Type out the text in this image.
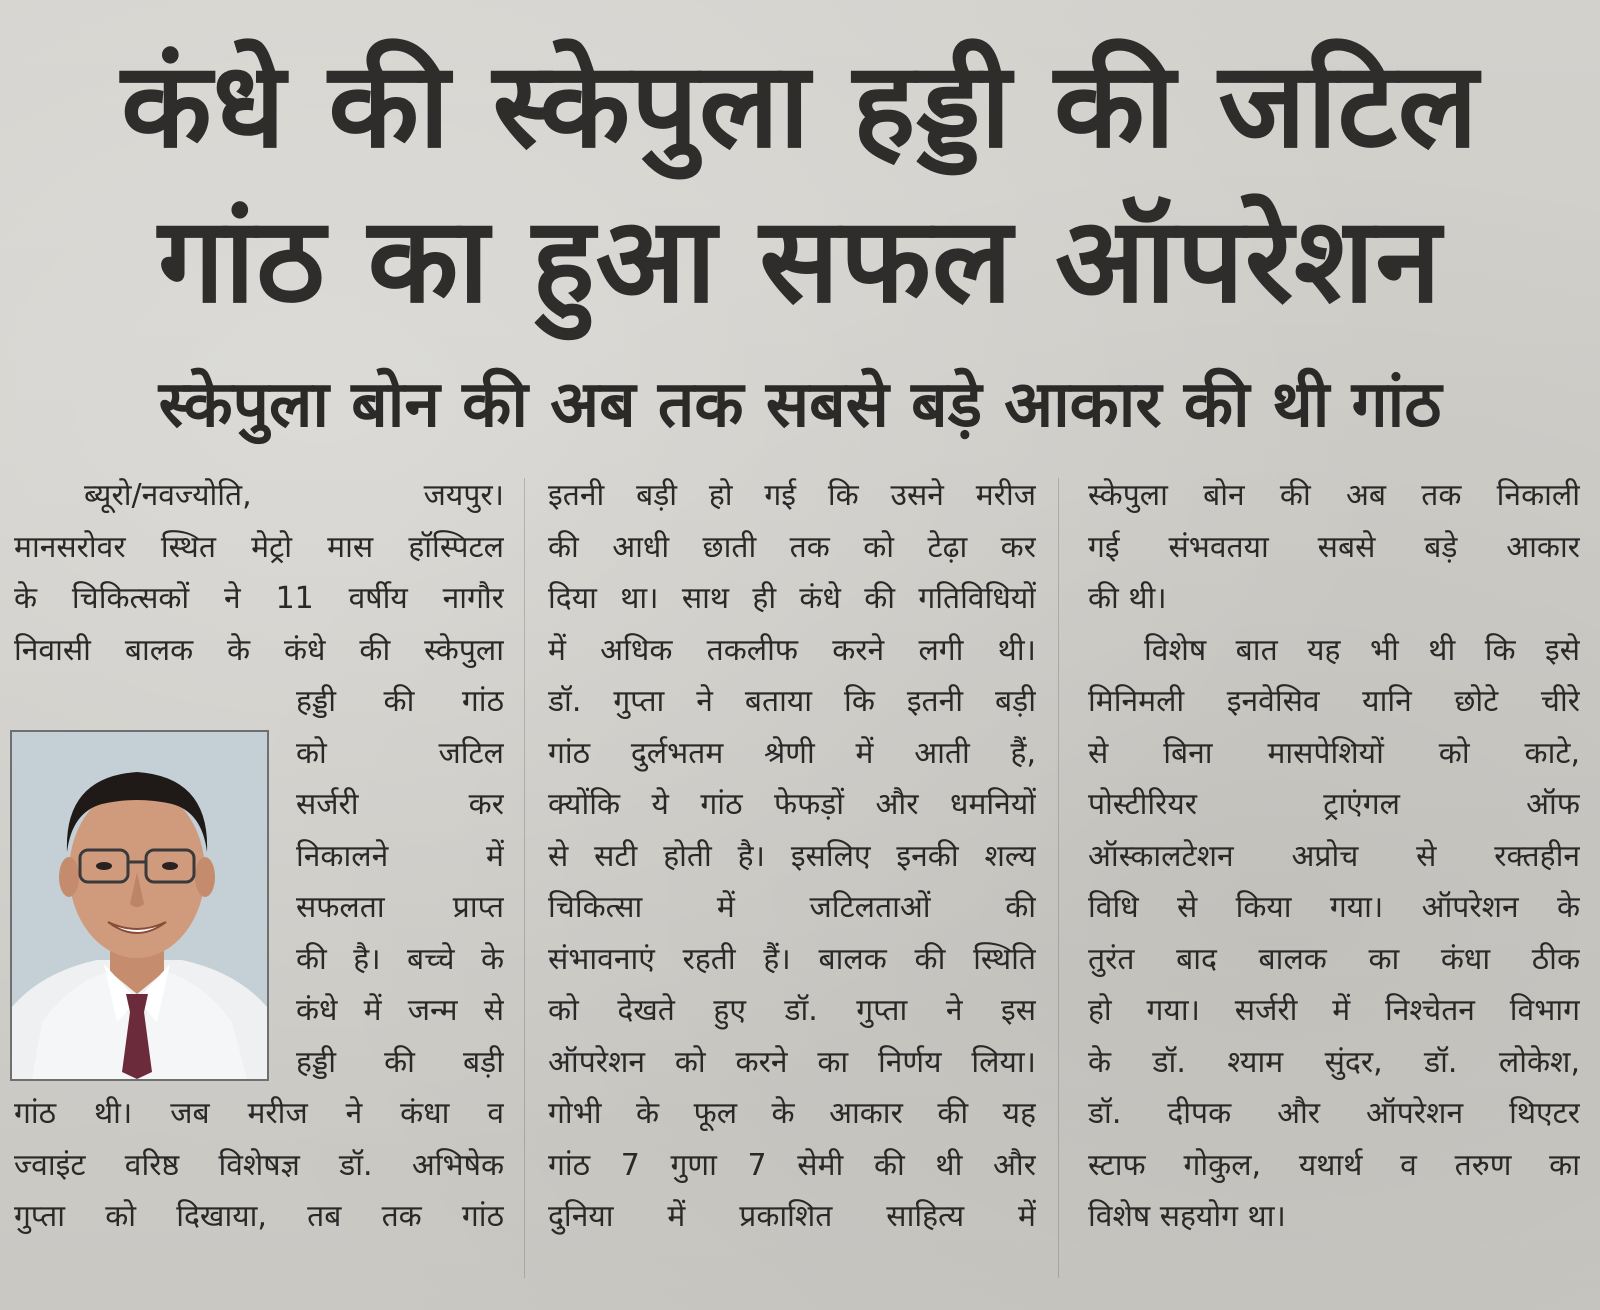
कंधे की स्केपुला हड्डी की जटिल
गांठ का हुआ सफल ऑपरेशन
स्केपुला बोन की अब तक सबसे बड़े आकार की थी गांठ
ब्यूरो/नवज्योति, जयपुर।
मानसरोवर स्थित मेट्रो मास हॉस्पिटल
के चिकित्सकों ने 11 वर्षीय नागौर
निवासी बालक के कंधे की स्केपुला
हड्डी की गांठ
को जटिल
सर्जरी कर
निकालने में
सफलता प्राप्त
की है। बच्चे के
कंधे में जन्म से
हड्डी की बड़ी
गांठ थी। जब मरीज ने कंधा व
ज्वाइंट वरिष्ठ विशेषज्ञ डॉ. अभिषेक
गुप्ता को दिखाया, तब तक गांठ
इतनी बड़ी हो गई कि उसने मरीज
की आधी छाती तक को टेढ़ा कर
दिया था। साथ ही कंधे की गतिविधियों
में अधिक तकलीफ करने लगी थी।
डॉ. गुप्ता ने बताया कि इतनी बड़ी
गांठ दुर्लभतम श्रेणी में आती हैं,
क्योंकि ये गांठ फेफड़ों और धमनियों
से सटी होती है। इसलिए इनकी शल्य
चिकित्सा में जटिलताओं की
संभावनाएं रहती हैं। बालक की स्थिति
को देखते हुए डॉ. गुप्ता ने इस
ऑपरेशन को करने का निर्णय लिया।
गोभी के फूल के आकार की यह
गांठ 7 गुणा 7 सेमी की थी और
दुनिया में प्रकाशित साहित्य में
स्केपुला बोन की अब तक निकाली
गई संभवतया सबसे बड़े आकार
की थी।
विशेष बात यह भी थी कि इसे
मिनिमली इनवेसिव यानि छोटे चीरे
से बिना मासपेशियों को काटे,
पोस्टीरियर ट्राएंगल ऑफ
ऑस्कालटेशन अप्रोच से रक्तहीन
विधि से किया गया। ऑपरेशन के
तुरंत बाद बालक का कंधा ठीक
हो गया। सर्जरी में निश्चेतन विभाग
के डॉ. श्याम सुंदर, डॉ. लोकेश,
डॉ. दीपक और ऑपरेशन थिएटर
स्टाफ गोकुल, यथार्थ व तरुण का
विशेष सहयोग था।
